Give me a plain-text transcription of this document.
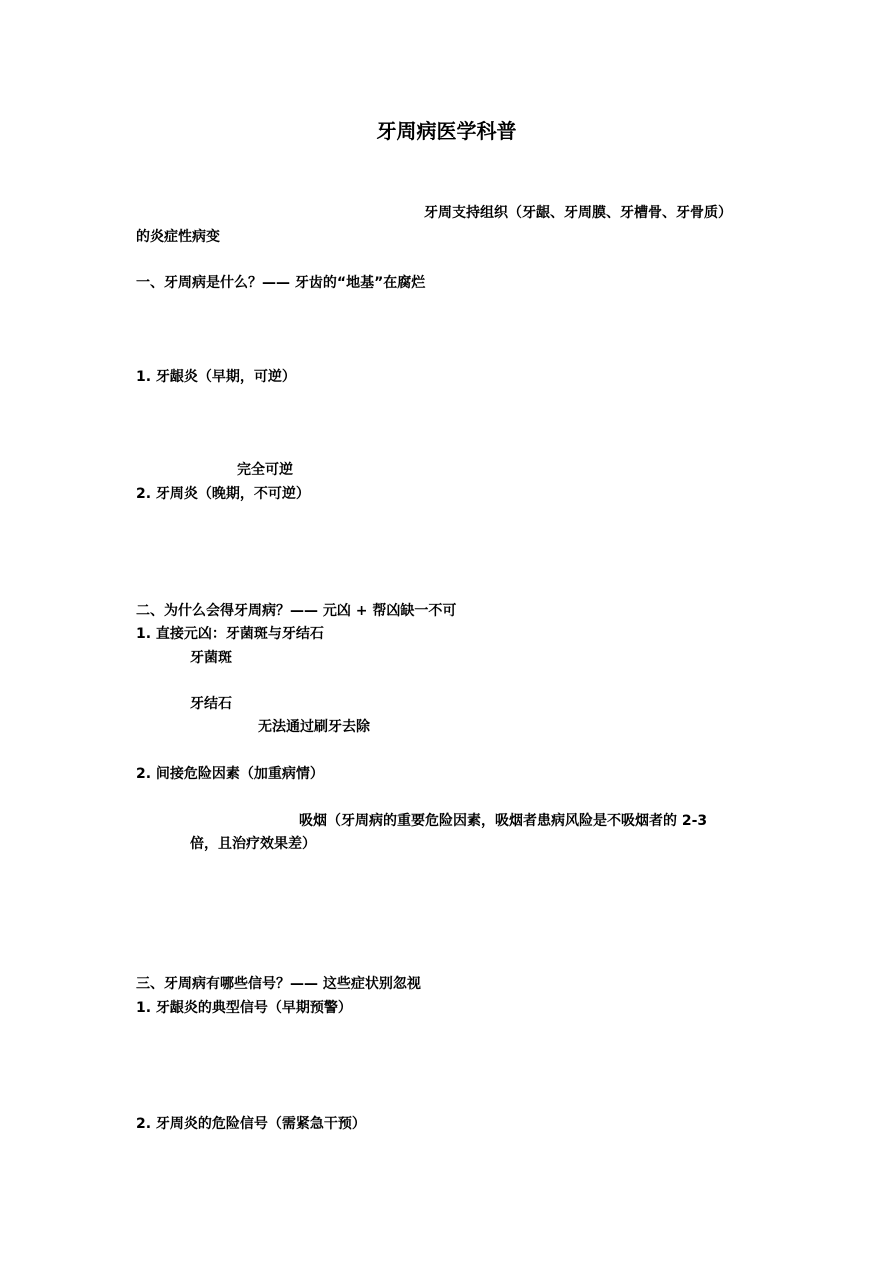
牙周病医学科普
牙周支持组织（牙龈、牙周膜、牙槽骨、牙骨质）
的炎症性病变
一、牙周病是什么？—— 牙齿的“地基”在腐烂
1. 牙龈炎（早期，可逆）
完全可逆
2. 牙周炎（晚期，不可逆）
二、为什么会得牙周病？—— 元凶 + 帮凶缺一不可
1. 直接元凶：牙菌斑与牙结石
牙菌斑
牙结石
无法通过刷牙去除
2. 间接危险因素（加重病情）
吸烟（牙周病的重要危险因素，吸烟者患病风险是不吸烟者的 2-3
倍，且治疗效果差）
三、牙周病有哪些信号？—— 这些症状别忽视
1. 牙龈炎的典型信号（早期预警）
2. 牙周炎的危险信号（需紧急干预）
